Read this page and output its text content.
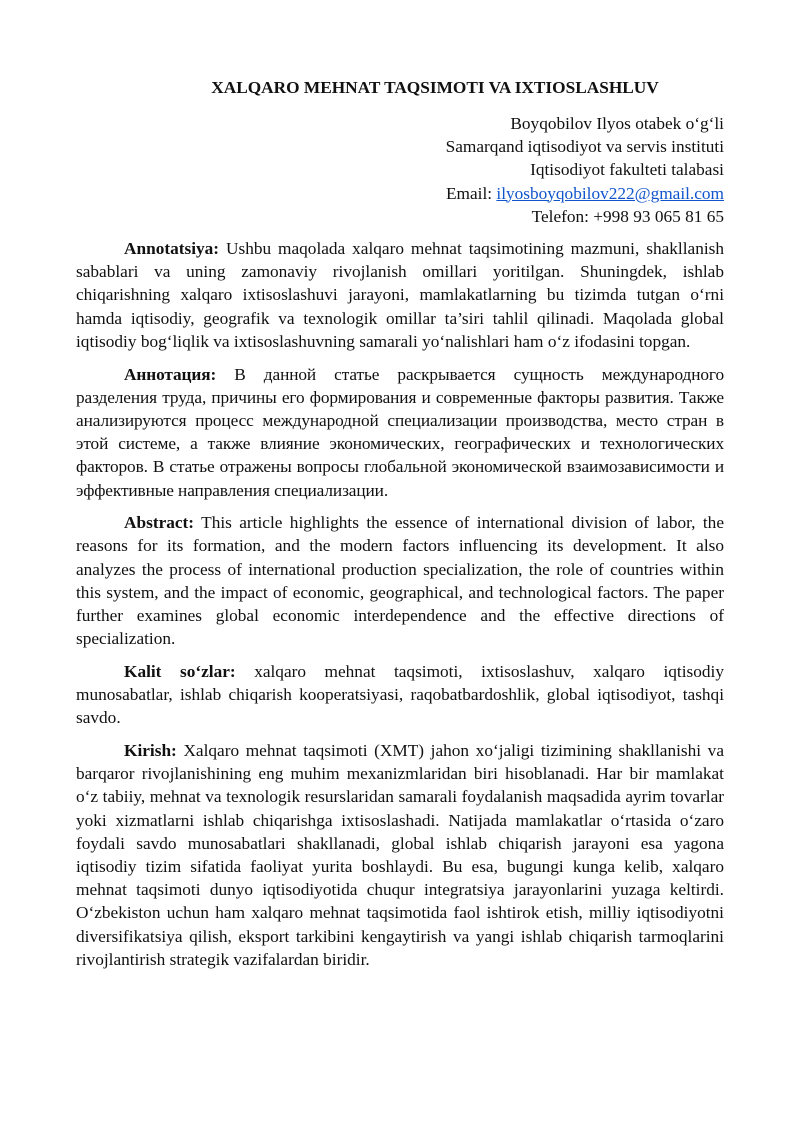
XALQARO MEHNAT TAQSIMOTI VA IXTIOSLASHLUV
Boyqobilov Ilyos otabek o‘g‘li
Samarqand iqtisodiyot va servis instituti
Iqtisodiyot fakulteti talabasi
Email: ilyosboyqobilov222@gmail.com
Telefon: +998 93 065 81 65

Annotatsiya: Ushbu maqolada xalqaro mehnat taqsimotining mazmuni, shakllanish sabablari va uning zamonaviy rivojlanish omillari yoritilgan. Shuningdek, ishlab chiqarishning xalqaro ixtisoslashuvi jarayoni, mamlakatlarning bu tizimda tutgan o‘rni hamda iqtisodiy, geografik va texnologik omillar ta’siri tahlil qilinadi. Maqolada global iqtisodiy bog‘liqlik va ixtisoslashuvning samarali yo‘nalishlari ham o‘z ifodasini topgan.

Аннотация: В данной статье раскрывается сущность международного разделения труда, причины его формирования и современные факторы развития. Также анализируются процесс международной специализации производства, место стран в этой системе, а также влияние экономических, географических и технологических факторов. В статье отражены вопросы глобальной экономической взаимозависимости и эффективные направления специализации.

Abstract: This article highlights the essence of international division of labor, the reasons for its formation, and the modern factors influencing its development. It also analyzes the process of international production specialization, the role of countries within this system, and the impact of economic, geographical, and technological factors. The paper further examines global economic interdependence and the effective directions of specialization.

Kalit so‘zlar: xalqaro mehnat taqsimoti, ixtisoslashuv, xalqaro iqtisodiy munosabatlar, ishlab chiqarish kooperatsiyasi, raqobatbardoshlik, global iqtisodiyot, tashqi savdo.

Kirish: Xalqaro mehnat taqsimoti (XMT) jahon xo‘jaligi tizimining shakllanishi va barqaror rivojlanishining eng muhim mexanizmlaridan biri hisoblanadi. Har bir mamlakat o‘z tabiiy, mehnat va texnologik resurslaridan samarali foydalanish maqsadida ayrim tovarlar yoki xizmatlarni ishlab chiqarishga ixtisoslashadi. Natijada mamlakatlar o‘rtasida o‘zaro foydali savdo munosabatlari shakllanadi, global ishlab chiqarish jarayoni esa yagona iqtisodiy tizim sifatida faoliyat yurita boshlaydi. Bu esa, bugungi kunga kelib, xalqaro mehnat taqsimoti dunyo iqtisodiyotida chuqur integratsiya jarayonlarini yuzaga keltirdi. O‘zbekiston uchun ham xalqaro mehnat taqsimotida faol ishtirok etish, milliy iqtisodiyotni diversifikatsiya qilish, eksport tarkibini kengaytirish va yangi ishlab chiqarish tarmoqlarini rivojlantirish strategik vazifalardan biridir.
